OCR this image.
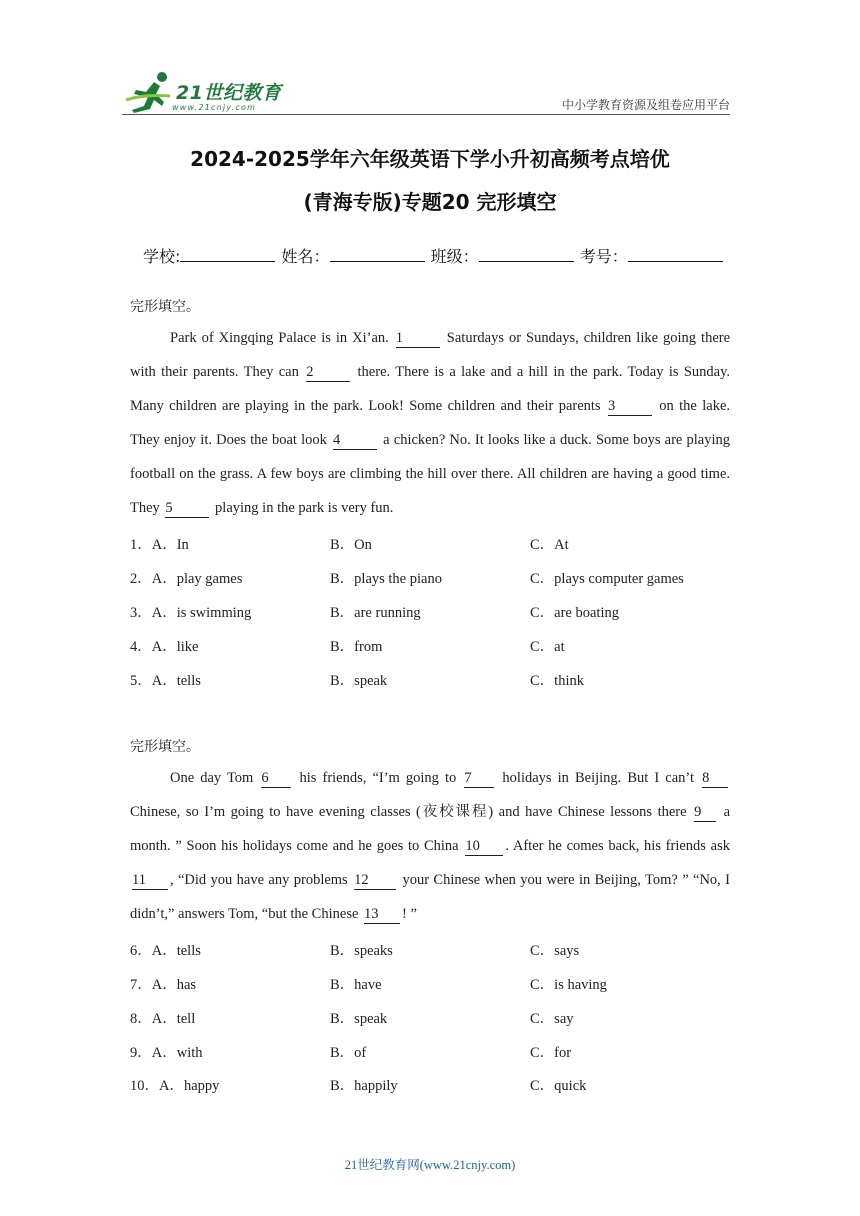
21世纪教育
www.21cnjy.com	中小学教育资源及组卷应用平台
2024-2025学年六年级英语下学小升初高频考点培优
(青海专版)专题20 完形填空
学校:	姓名：	班级：	考号：
完形填空。
Park of Xingqing Palace is in Xi’an. 1	Saturdays or Sundays, children like going there with their parents. They can 2	there. There is a lake and a hill in the park. Today is Sunday. Many children are playing in the park. Look! Some children and their parents 3	on the lake. They enjoy it. Does the boat look 4	a chicken? No. It looks like a duck. Some boys are playing football on the grass. A few boys are climbing the hill over there. All children are having a good time. They 5	playing in the park is very fun.
1．A．In	B．On	C．At
2．A．play games	B．plays the piano	C．plays computer games
3．A．is swimming	B．are running	C．are boating
4．A．like	B．from	C．at
5．A．tells	B．speak	C．think
完形填空。
One day Tom 6 his friends, “I’m going to 7 holidays in Beijing. But I can’t 8 Chinese, so I’m going to have evening classes (夜校课程) and have Chinese lessons there 9 a month. ” Soon his holidays come and he goes to China 10 . After he comes back, his friends ask 11 , “Did you have any problems 12 your Chinese when you were in Beijing, Tom? ” “No, I didn’t,” answers Tom, “but the Chinese 13 ! ”
6．A．tells	B．speaks	C．says
7．A．has	B．have	C．is having
8．A．tell	B．speak	C．say
9．A．with	B．of	C．for
10．A．happy	B．happily	C．quick
21世纪教育网(www.21cnjy.com)
